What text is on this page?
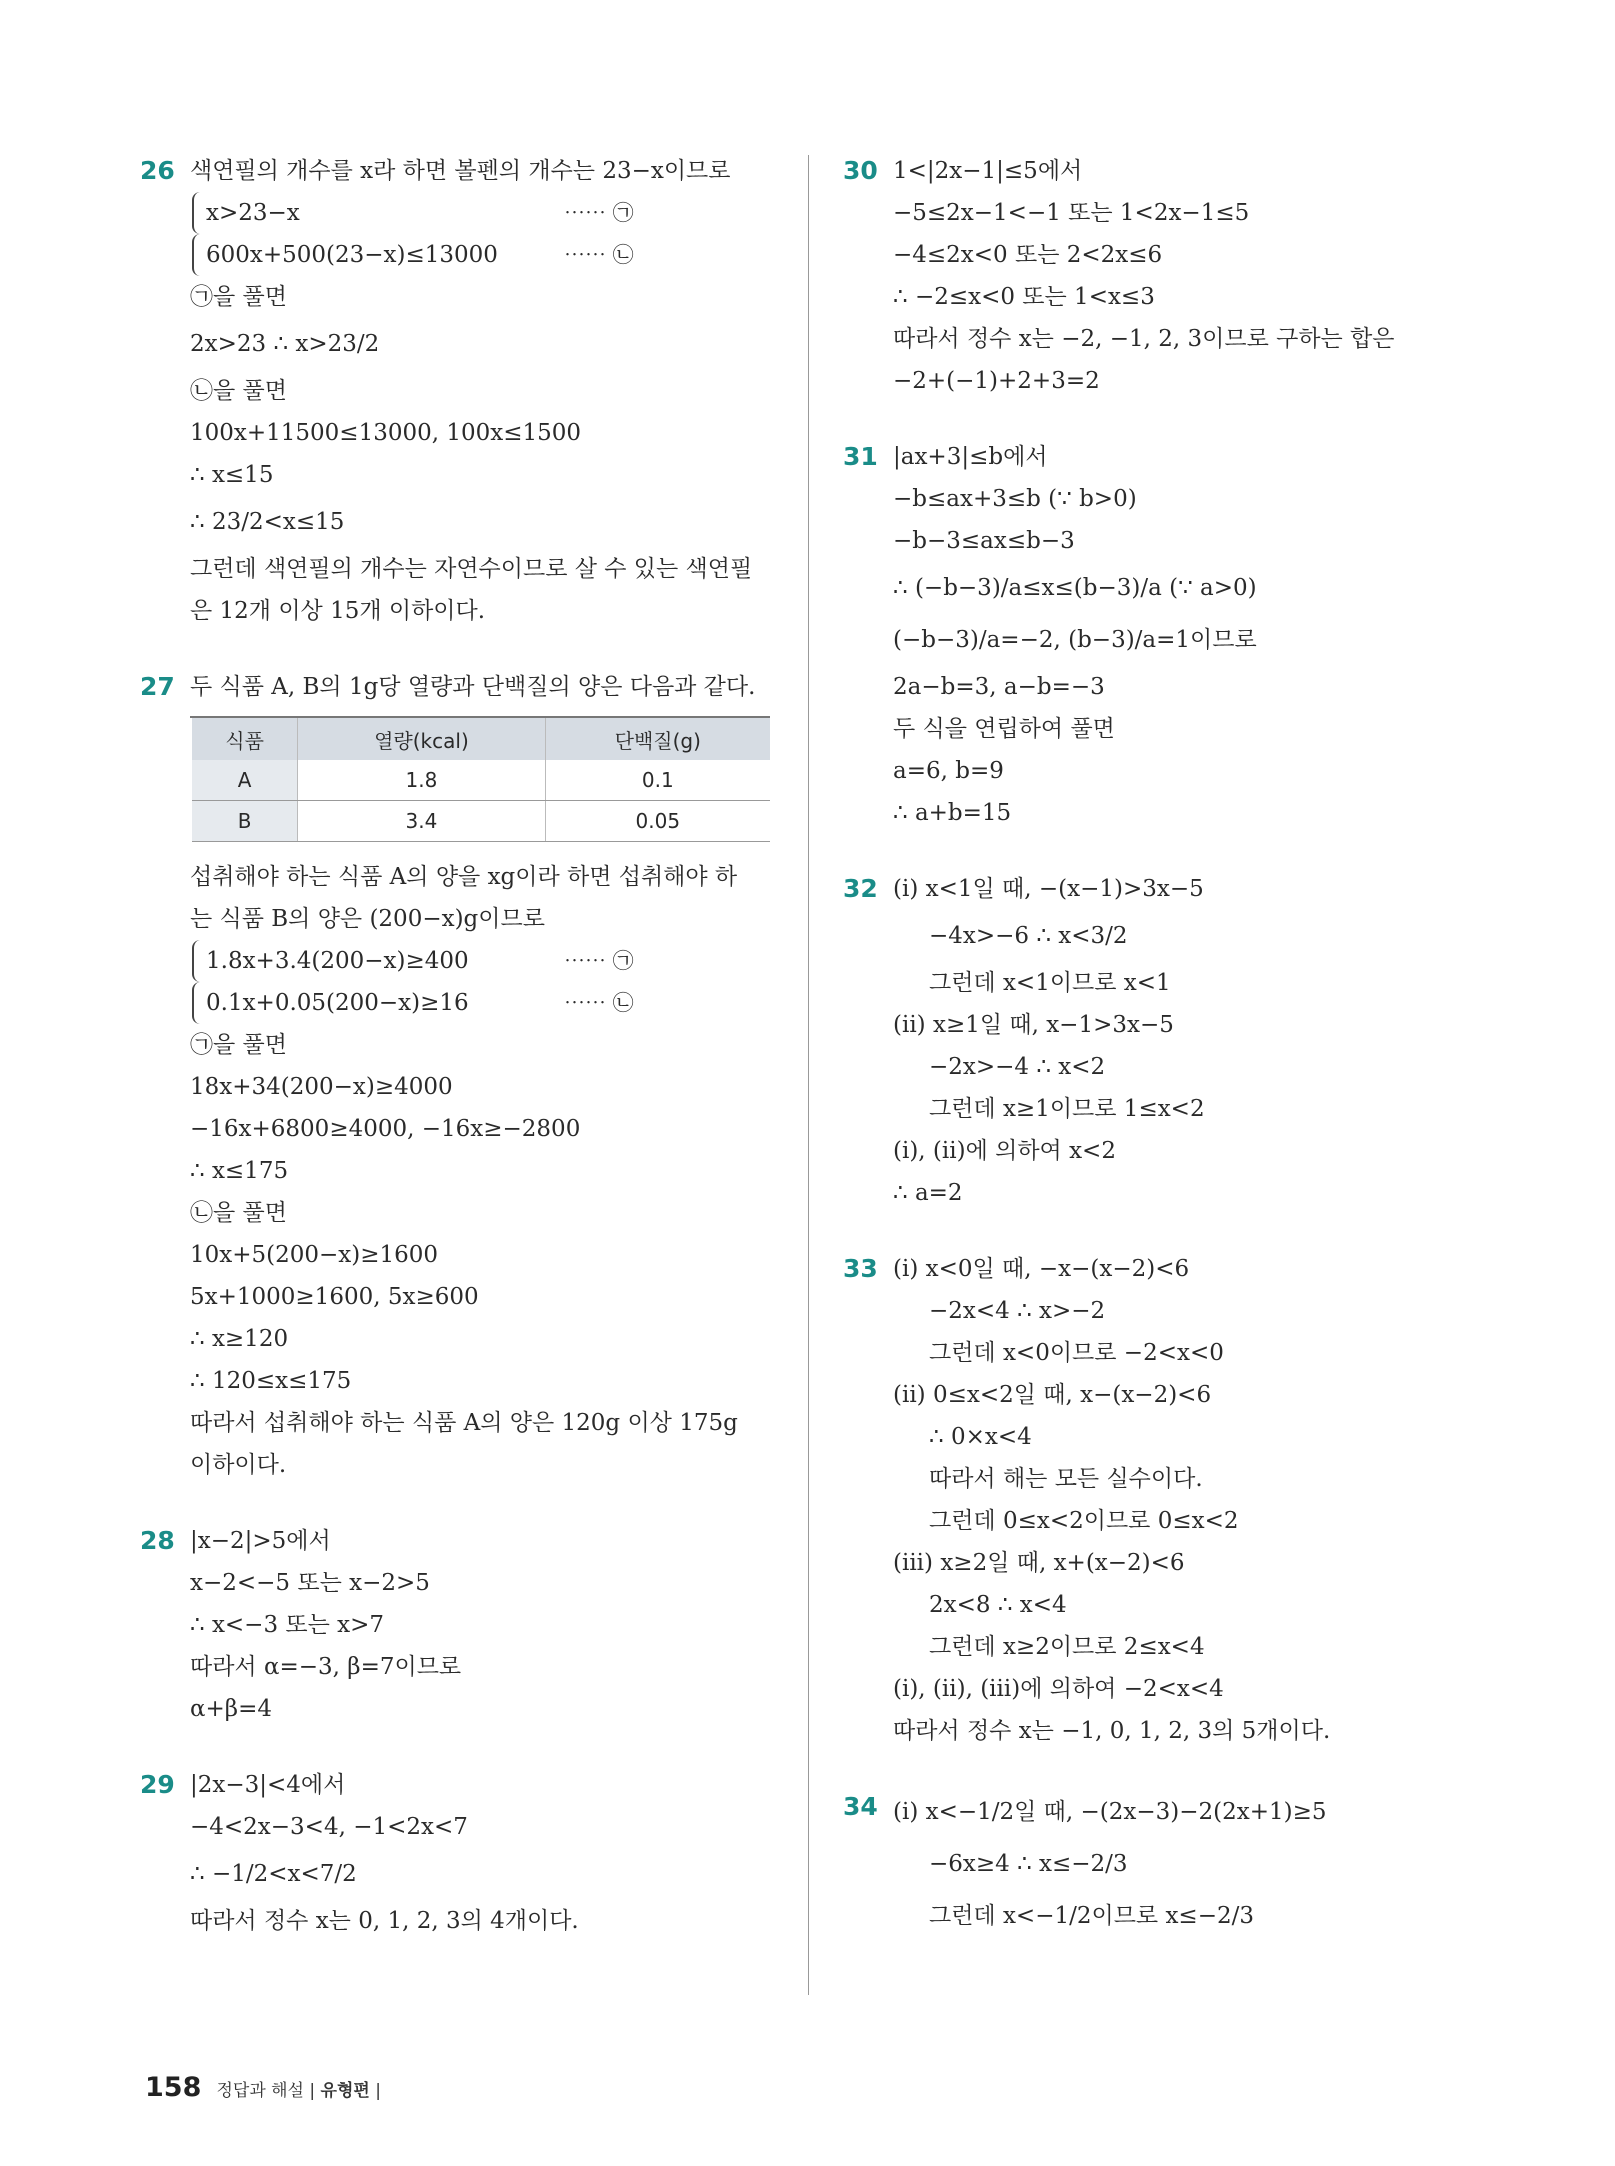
26 색연필의 개수를 x라 하면 볼펜의 개수는 23−x이므로
x>23−x	⋯⋯ ㉠
600x+500(23−x)≤13000	⋯⋯ ㉡
㉠을 풀면
2x>23 ∴ x>23/2
㉡을 풀면
100x+11500≤13000, 100x≤1500
∴ x≤15
∴ 23/2<x≤15
그런데 색연필의 개수는 자연수이므로 살 수 있는 색연필
은 12개 이상 15개 이하이다.
27 두 식품 A, B의 1g당 열량과 단백질의 양은 다음과 같다.
식품	열량(kcal)	단백질(g)
A	1.8	0.1
B	3.4	0.05
섭취해야 하는 식품 A의 양을 xg이라 하면 섭취해야 하
는 식품 B의 양은 (200−x)g이므로
1.8x+3.4(200−x)≥400	⋯⋯ ㉠
0.1x+0.05(200−x)≥16	⋯⋯ ㉡
㉠을 풀면
18x+34(200−x)≥4000
−16x+6800≥4000, −16x≥−2800
∴ x≤175
㉡을 풀면
10x+5(200−x)≥1600
5x+1000≥1600, 5x≥600
∴ x≥120
∴ 120≤x≤175
따라서 섭취해야 하는 식품 A의 양은 120g 이상 175g
이하이다.
28 |x−2|>5에서
x−2<−5 또는 x−2>5
∴ x<−3 또는 x>7
따라서 α=−3, β=7이므로
α+β=4
29 |2x−3|<4에서
−4<2x−3<4, −1<2x<7
∴ −1/2<x<7/2
따라서 정수 x는 0, 1, 2, 3의 4개이다.
30 1<|2x−1|≤5에서
−5≤2x−1<−1 또는 1<2x−1≤5
−4≤2x<0 또는 2<2x≤6
∴ −2≤x<0 또는 1<x≤3
따라서 정수 x는 −2, −1, 2, 3이므로 구하는 합은
−2+(−1)+2+3=2
31 |ax+3|≤b에서
−b≤ax+3≤b (∵ b>0)
−b−3≤ax≤b−3
∴ (−b−3)/a≤x≤(b−3)/a (∵ a>0)
(−b−3)/a=−2, (b−3)/a=1이므로
2a−b=3, a−b=−3
두 식을 연립하여 풀면
a=6, b=9
∴ a+b=15
32 (i) x<1일 때, −(x−1)>3x−5
−4x>−6 ∴ x<3/2
그런데 x<1이므로 x<1
(ii) x≥1일 때, x−1>3x−5
−2x>−4 ∴ x<2
그런데 x≥1이므로 1≤x<2
(i), (ii)에 의하여 x<2
∴ a=2
33 (i) x<0일 때, −x−(x−2)<6
−2x<4 ∴ x>−2
그런데 x<0이므로 −2<x<0
(ii) 0≤x<2일 때, x−(x−2)<6
∴ 0×x<4
따라서 해는 모든 실수이다.
그런데 0≤x<2이므로 0≤x<2
(iii) x≥2일 때, x+(x−2)<6
2x<8 ∴ x<4
그런데 x≥2이므로 2≤x<4
(i), (ii), (iii)에 의하여 −2<x<4
따라서 정수 x는 −1, 0, 1, 2, 3의 5개이다.
34 (i) x<−1/2일 때, −(2x−3)−2(2x+1)≥5
−6x≥4 ∴ x≤−2/3
그런데 x<−1/2이므로 x≤−2/3
158 정답과 해설 | 유형편 |
